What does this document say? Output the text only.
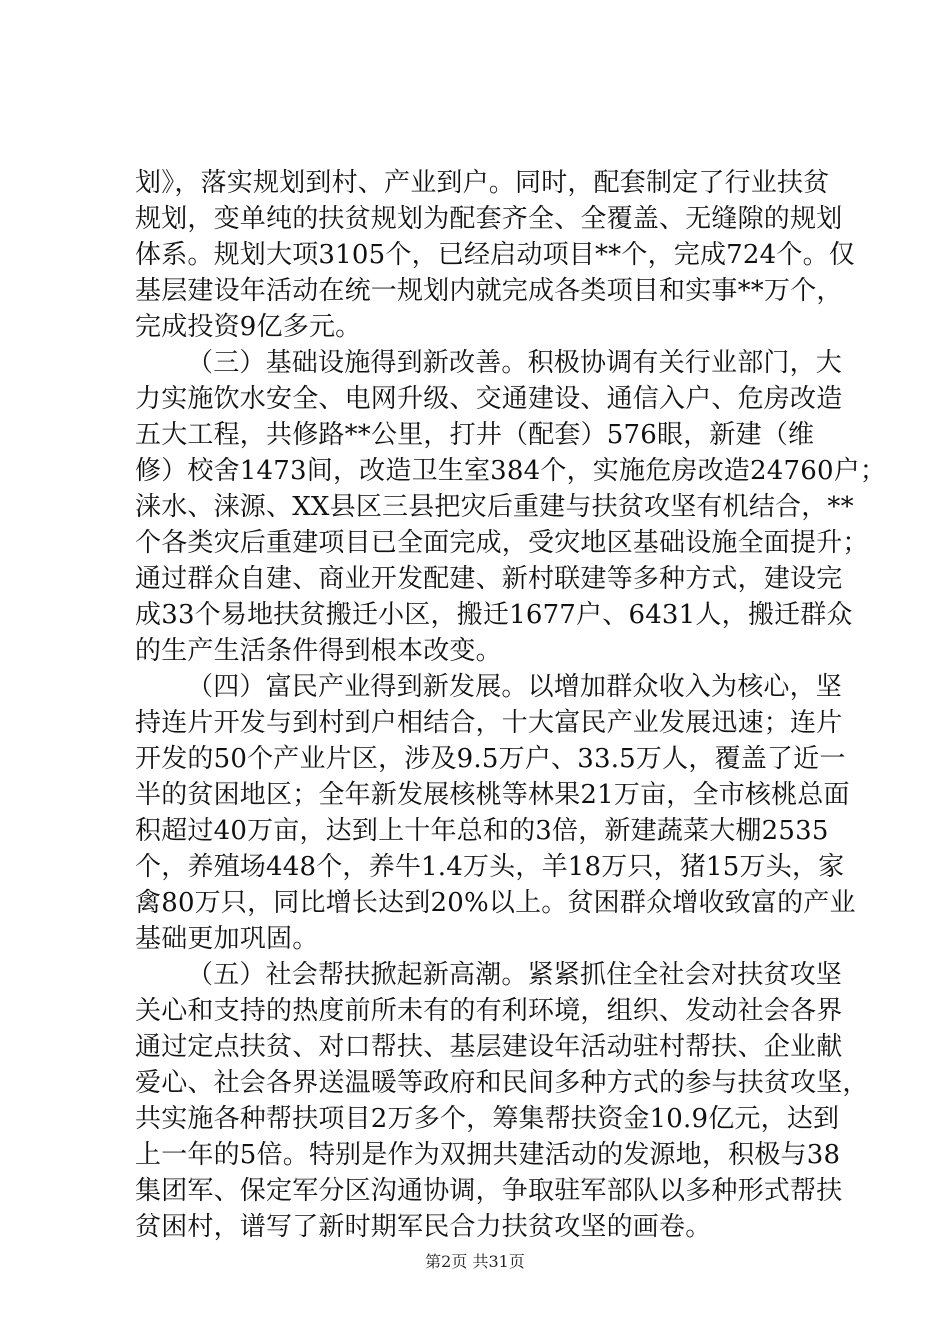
划》，落实规划到村、产业到户。同时，配套制定了行业扶贫
规划，变单纯的扶贫规划为配套齐全、全覆盖、无缝隙的规划
体系。规划大项3105个，已经启动项目**个，完成724个。仅
基层建设年活动在统一规划内就完成各类项目和实事**万个，
完成投资9亿多元。
（三）基础设施得到新改善。积极协调有关行业部门，大
力实施饮水安全、电网升级、交通建设、通信入户、危房改造
五大工程，共修路**公里，打井（配套）576眼，新建（维
修）校舍1473间，改造卫生室384个，实施危房改造24760户；
涞水、涞源、XX县区三县把灾后重建与扶贫攻坚有机结合，**
个各类灾后重建项目已全面完成，受灾地区基础设施全面提升；
通过群众自建、商业开发配建、新村联建等多种方式，建设完
成33个易地扶贫搬迁小区，搬迁1677户、6431人，搬迁群众
的生产生活条件得到根本改变。
（四）富民产业得到新发展。以增加群众收入为核心，坚
持连片开发与到村到户相结合，十大富民产业发展迅速；连片
开发的50个产业片区，涉及9.5万户、33.5万人，覆盖了近一
半的贫困地区；全年新发展核桃等林果21万亩，全市核桃总面
积超过40万亩，达到上十年总和的3倍，新建蔬菜大棚2535
个，养殖场448个，养牛1.4万头，羊18万只，猪15万头，家
禽80万只，同比增长达到20%以上。贫困群众增收致富的产业
基础更加巩固。
（五）社会帮扶掀起新高潮。紧紧抓住全社会对扶贫攻坚
关心和支持的热度前所未有的有利环境，组织、发动社会各界
通过定点扶贫、对口帮扶、基层建设年活动驻村帮扶、企业献
爱心、社会各界送温暖等政府和民间多种方式的参与扶贫攻坚，
共实施各种帮扶项目2万多个，筹集帮扶资金10.9亿元，达到
上一年的5倍。特别是作为双拥共建活动的发源地，积极与38
集团军、保定军分区沟通协调，争取驻军部队以多种形式帮扶
贫困村，谱写了新时期军民合力扶贫攻坚的画卷。
第2页 共31页
